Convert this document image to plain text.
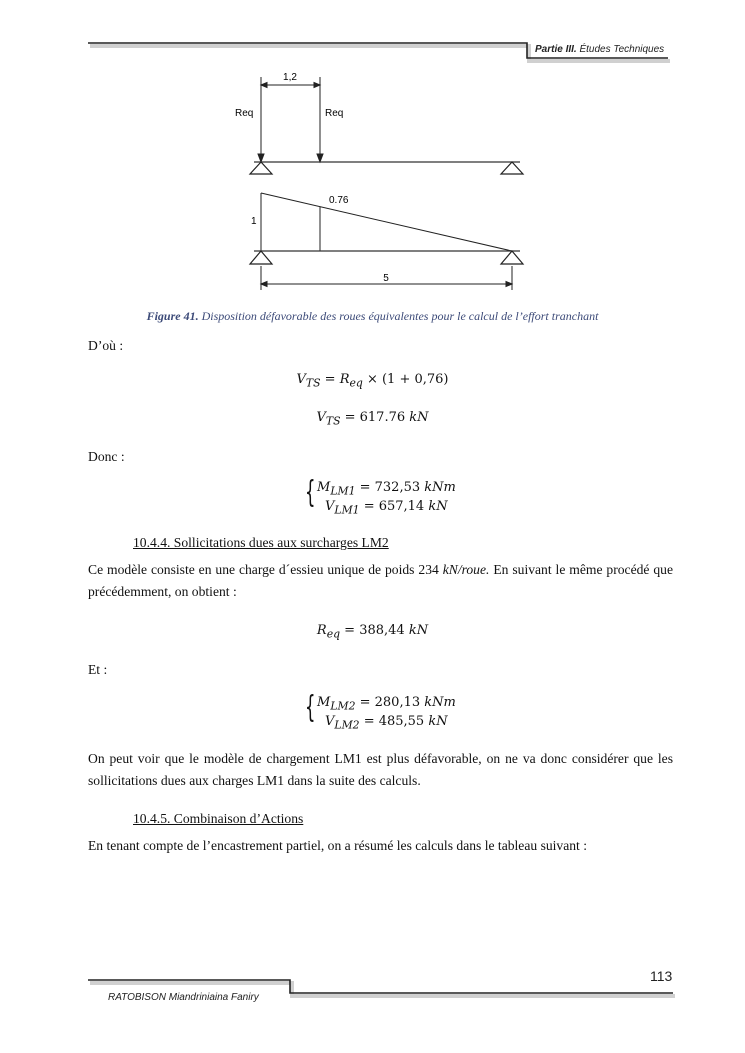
Partie III. Études Techniques
1,2
Req	Req
1
0.76
5
Figure 41. Disposition défavorable des roues équivalentes pour le calcul de l’effort tranchant
D’où :
$V_{TS} = R_{eq} \times (1 + 0,76)$
$V_{TS} = 617.76$ kN
Donc :
{ $M_{LM1} = 732,53$ kNm
$V_{LM1} = 657,14$ kN
10.4.4. Sollicitations dues aux surcharges LM2
Ce modèle consiste en une charge d´essieu unique de poids 234 kN/roue. En suivant le même procédé que précédemment, on obtient :
$R_{eq} = 388,44$ kN
Et :
{ $M_{LM2} = 280,13$ kNm
$V_{LM2} = 485,55$ kN
On peut voir que le modèle de chargement LM1 est plus défavorable, on ne va donc considérer que les sollicitations dues aux charges LM1 dans la suite des calculs.
10.4.5. Combinaison d’Actions
En tenant compte de l’encastrement partiel, on a résumé les calculs dans le tableau suivant :
113
RATOBISON Miandriniaina Faniry
